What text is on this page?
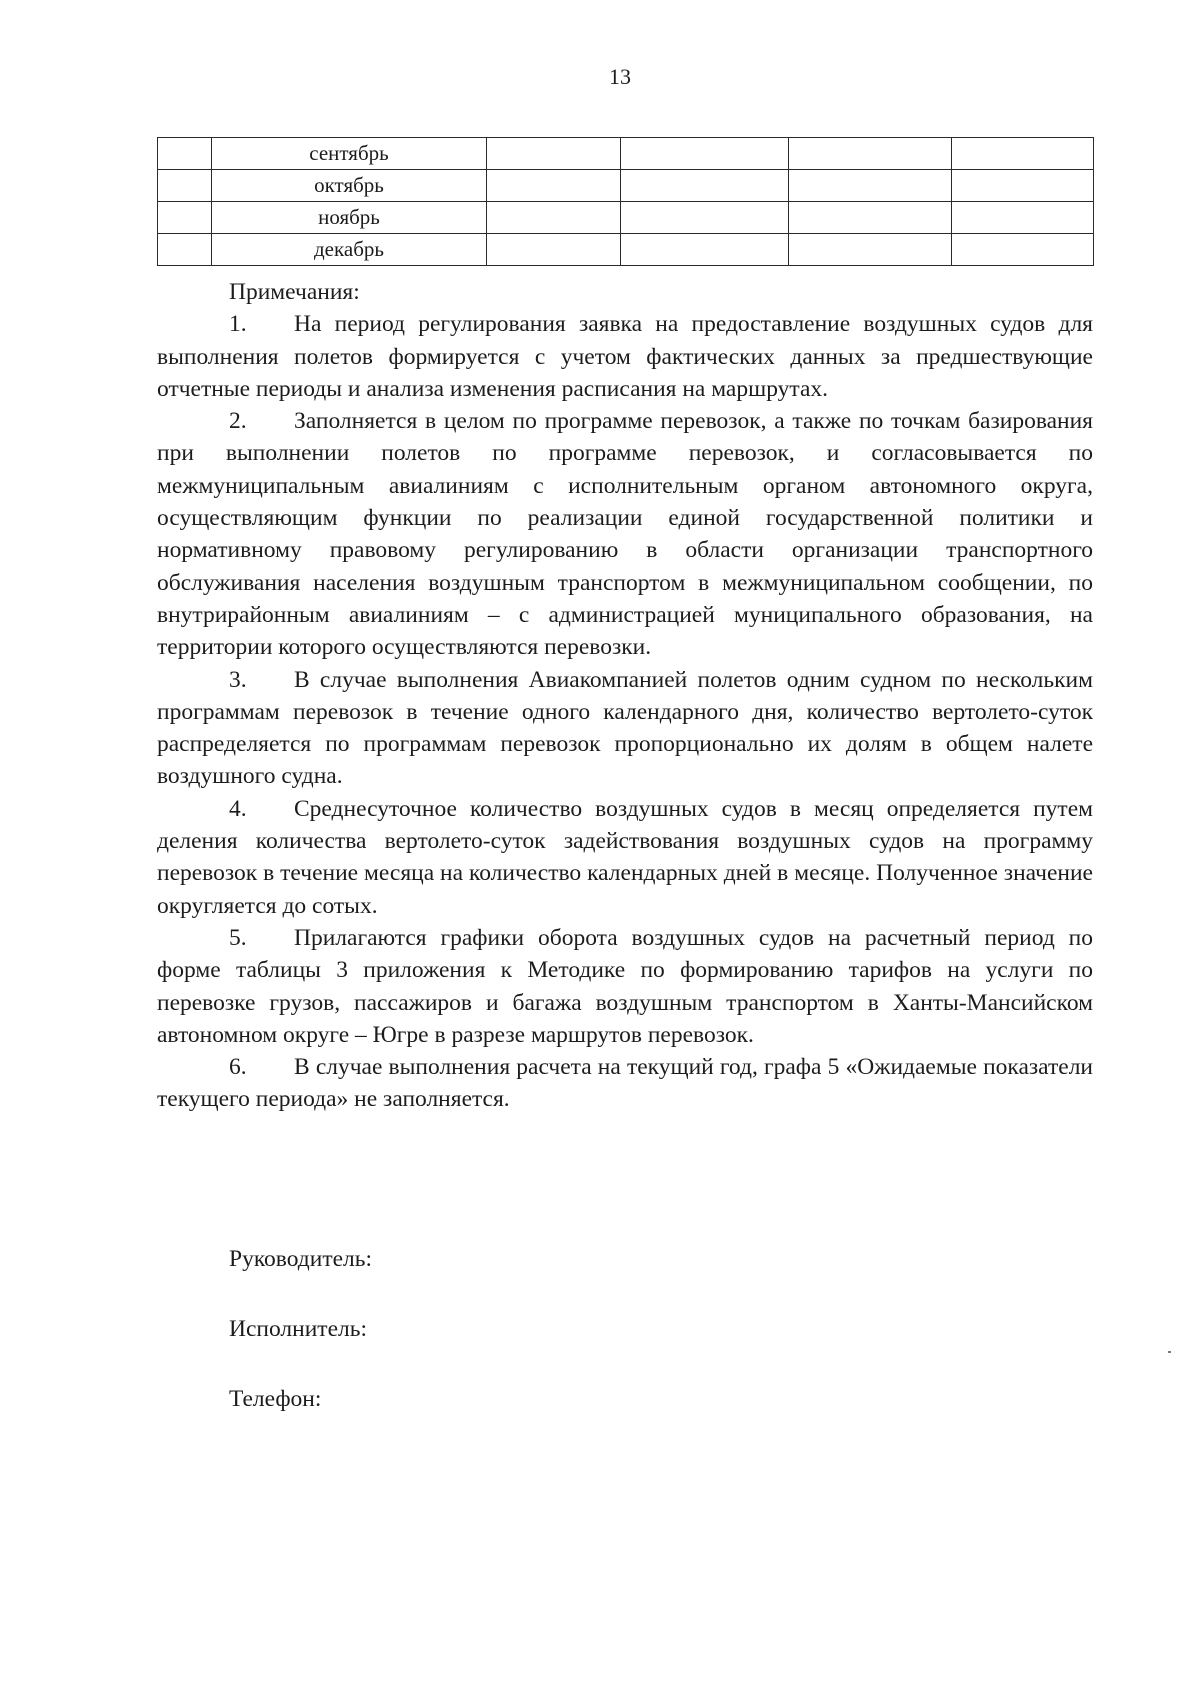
13
	сентябрь				
	октябрь				
	ноябрь				
	декабрь				

Примечания:

1. На период регулирования заявка на предоставление воздушных судов для выполнения полетов формируется с учетом фактических данных за предшествующие отчетные периоды и анализа изменения расписания на маршрутах.

2. Заполняется в целом по программе перевозок, а также по точкам базирования при выполнении полетов по программе перевозок, и согласовывается по межмуниципальным авиалиниям с исполнительным органом автономного округа, осуществляющим функции по реализации единой государственной политики и нормативному правовому регулированию в области организации транспортного обслуживания населения воздушным транспортом в межмуниципальном сообщении, по внутрирайонным авиалиниям – с администрацией муниципального образования, на территории которого осуществляются перевозки.

3. В случае выполнения Авиакомпанией полетов одним судном по нескольким программам перевозок в течение одного календарного дня, количество вертолето-суток распределяется по программам перевозок пропорционально их долям в общем налете воздушного судна.

4. Среднесуточное количество воздушных судов в месяц определяется путем деления количества вертолето-суток задействования воздушных судов на программу перевозок в течение месяца на количество календарных дней в месяце. Полученное значение округляется до сотых.

5. Прилагаются графики оборота воздушных судов на расчетный период по форме таблицы 3 приложения к Методике по формированию тарифов на услуги по перевозке грузов, пассажиров и багажа воздушным транспортом в Ханты-Мансийском автономном округе – Югре в разрезе маршрутов перевозок.

6. В случае выполнения расчета на текущий год, графа 5 «Ожидаемые показатели текущего периода» не заполняется.

Руководитель:
Исполнитель:
Телефон:
